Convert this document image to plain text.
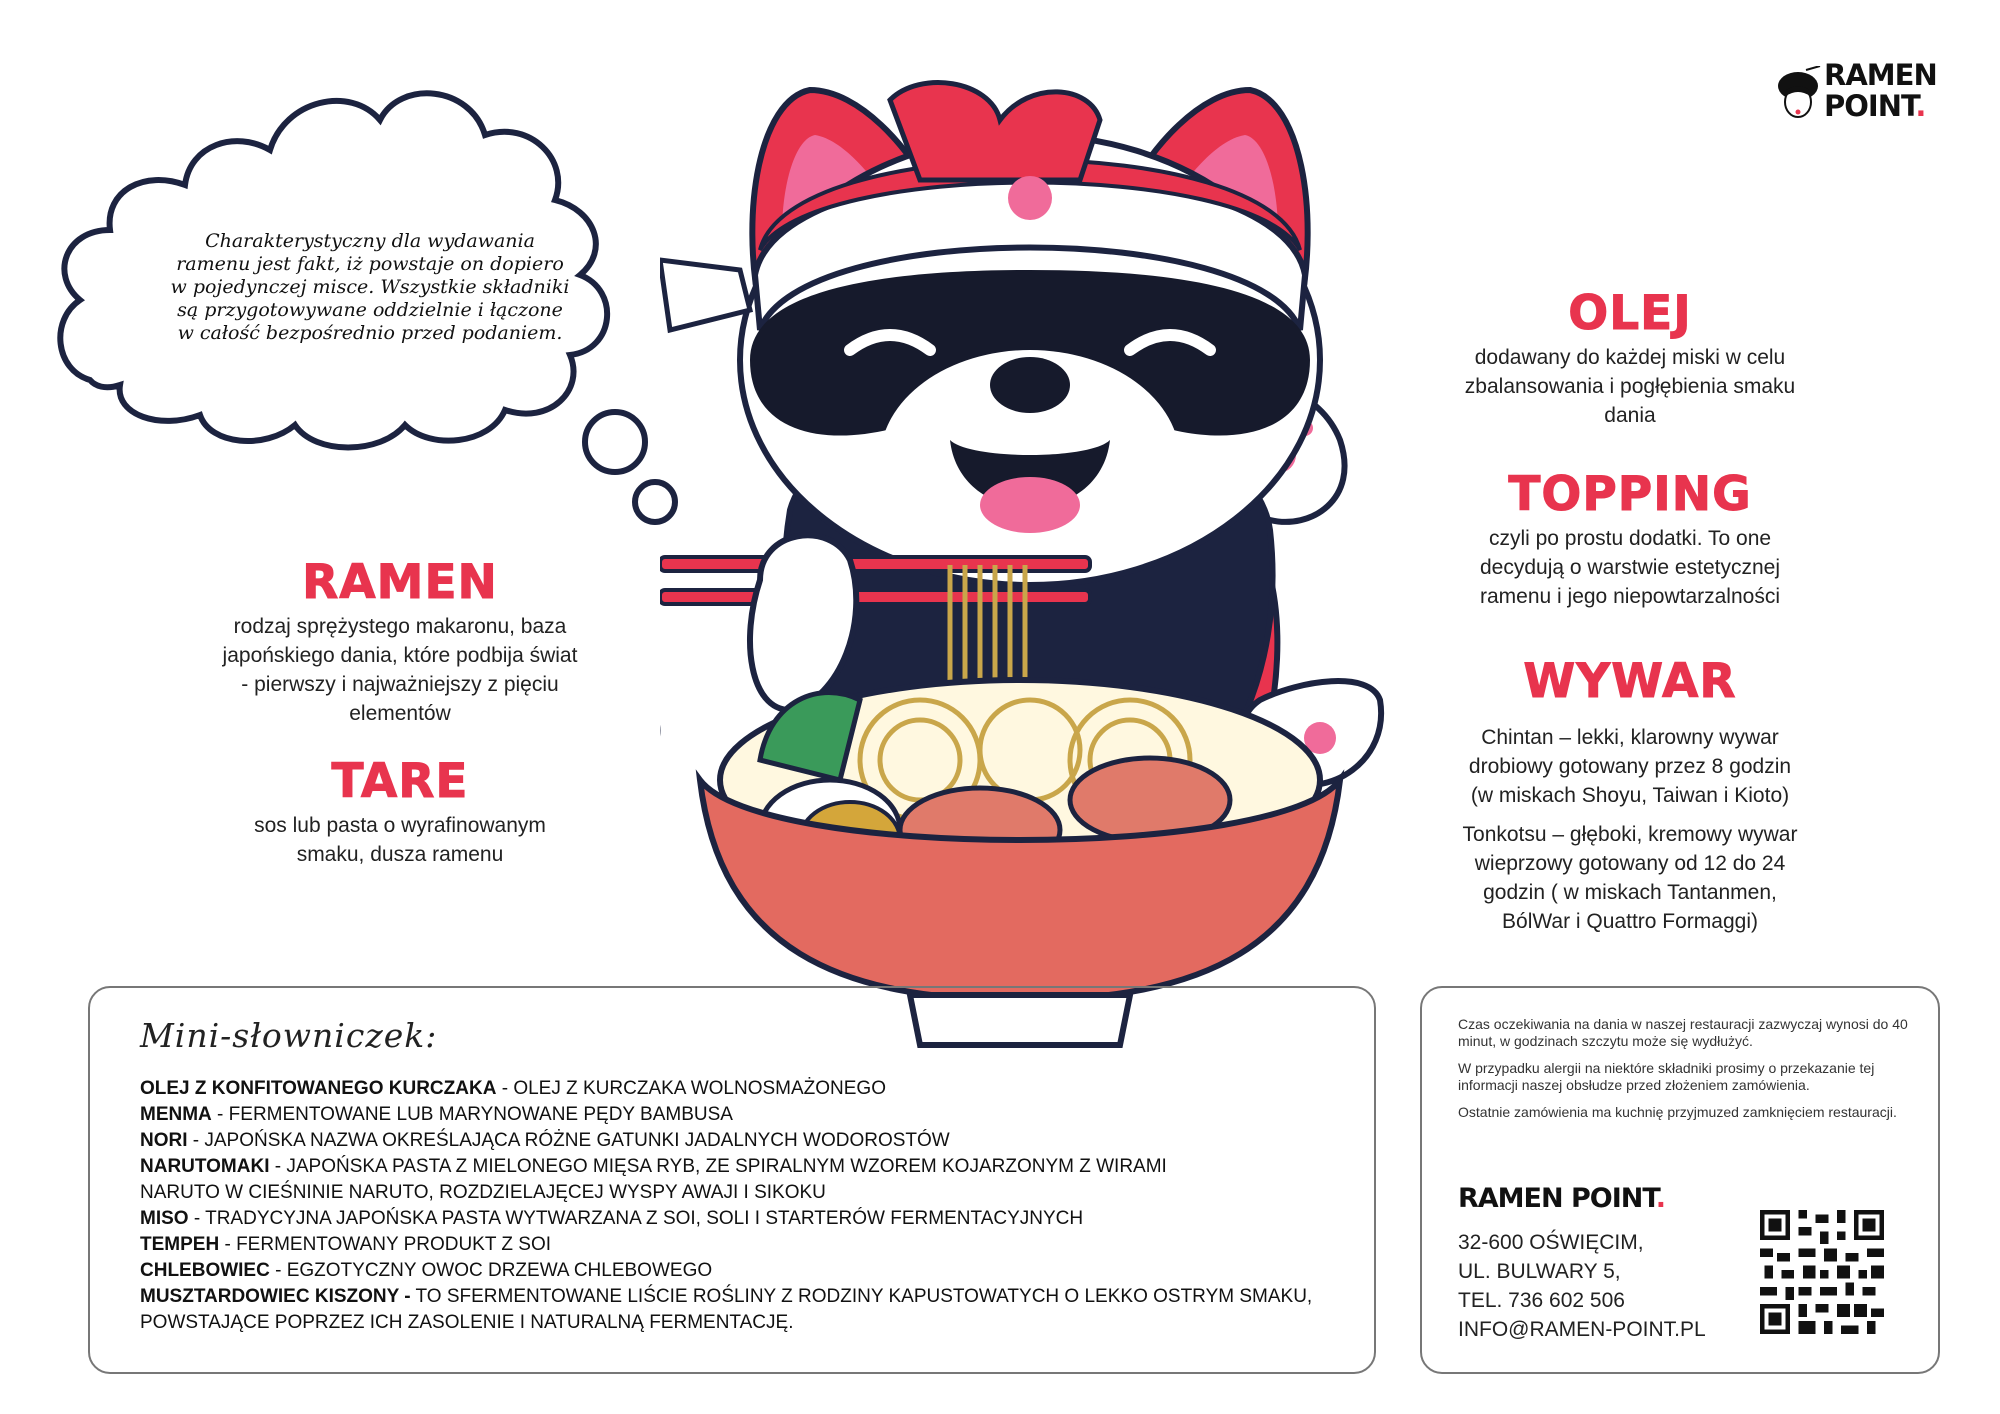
RAMEN
POINT.
Charakterystyczny dla wydawania
ramenu jest fakt, iż powstaje on dopiero
w pojedynczej misce. Wszystkie składniki
są przygotowywane oddzielnie i łączone
w całość bezpośrednio przed podaniem.
RAMEN
rodzaj sprężystego makaronu, baza
japońskiego dania, które podbija świat
- pierwszy i najważniejszy z pięciu
elementów
TARE
sos lub pasta o wyrafinowanym
smaku, dusza ramenu
OLEJ
dodawany do każdej miski w celu
zbalansowania i pogłębienia smaku
dania
TOPPING
czyli po prostu dodatki. To one
decydują o warstwie estetycznej
ramenu i jego niepowtarzalności
WYWAR
Chintan – lekki, klarowny wywar
drobiowy gotowany przez 8 godzin
(w miskach Shoyu, Taiwan i Kioto)
Tonkotsu – głęboki, kremowy wywar
wieprzowy gotowany od 12 do 24
godzin ( w miskach Tantanmen,
BólWar i Quattro Formaggi)
Mini-słowniczek:
OLEJ Z KONFITOWANEGO KURCZAKA - OLEJ Z KURCZAKA WOLNOSMAŻONEGO
MENMA - FERMENTOWANE LUB MARYNOWANE PĘDY BAMBUSA
NORI - JAPOŃSKA NAZWA OKREŚLAJĄCA RÓŻNE GATUNKI JADALNYCH WODOROSTÓW
NARUTOMAKI - JAPOŃSKA PASTA Z MIELONEGO MIĘSA RYB, ZE SPIRALNYM WZOREM KOJARZONYM Z WIRAMI NARUTO W CIEŚNINIE NARUTO, ROZDZIELAJĘCEJ WYSPY AWAJI I SIKOKU
MISO - TRADYCYJNA JAPOŃSKA PASTA WYTWARZANA Z SOI, SOLI I STARTERÓW FERMENTACYJNYCH
TEMPEH - FERMENTOWANY PRODUKT Z SOI
CHLEBOWIEC - EGZOTYCZNY OWOC DRZEWA CHLEBOWEGO
MUSZTARDOWIEC KISZONY - TO SFERMENTOWANE LIŚCIE ROŚLINY Z RODZINY KAPUSTOWATYCH O LEKKO OSTRYM SMAKU, POWSTAJĄCE POPRZEZ ICH ZASOLENIE I NATURALNĄ FERMENTACJĘ.

Czas oczekiwania na dania w naszej restauracji zazwyczaj wynosi do 40 minut, w godzinach szczytu może się wydłużyć.

W przypadku alergii na niektóre składniki prosimy o przekazanie tej informacji naszej obsłudze przed złożeniem zamówienia.

Ostatnie zamówienia ma kuchnię przyjmuzed zamknięciem restauracji.

RAMEN POINT.
32-600 OŚWIĘCIM,
UL. BULWARY 5,
TEL. 736 602 506
INFO@RAMEN-POINT.PL
